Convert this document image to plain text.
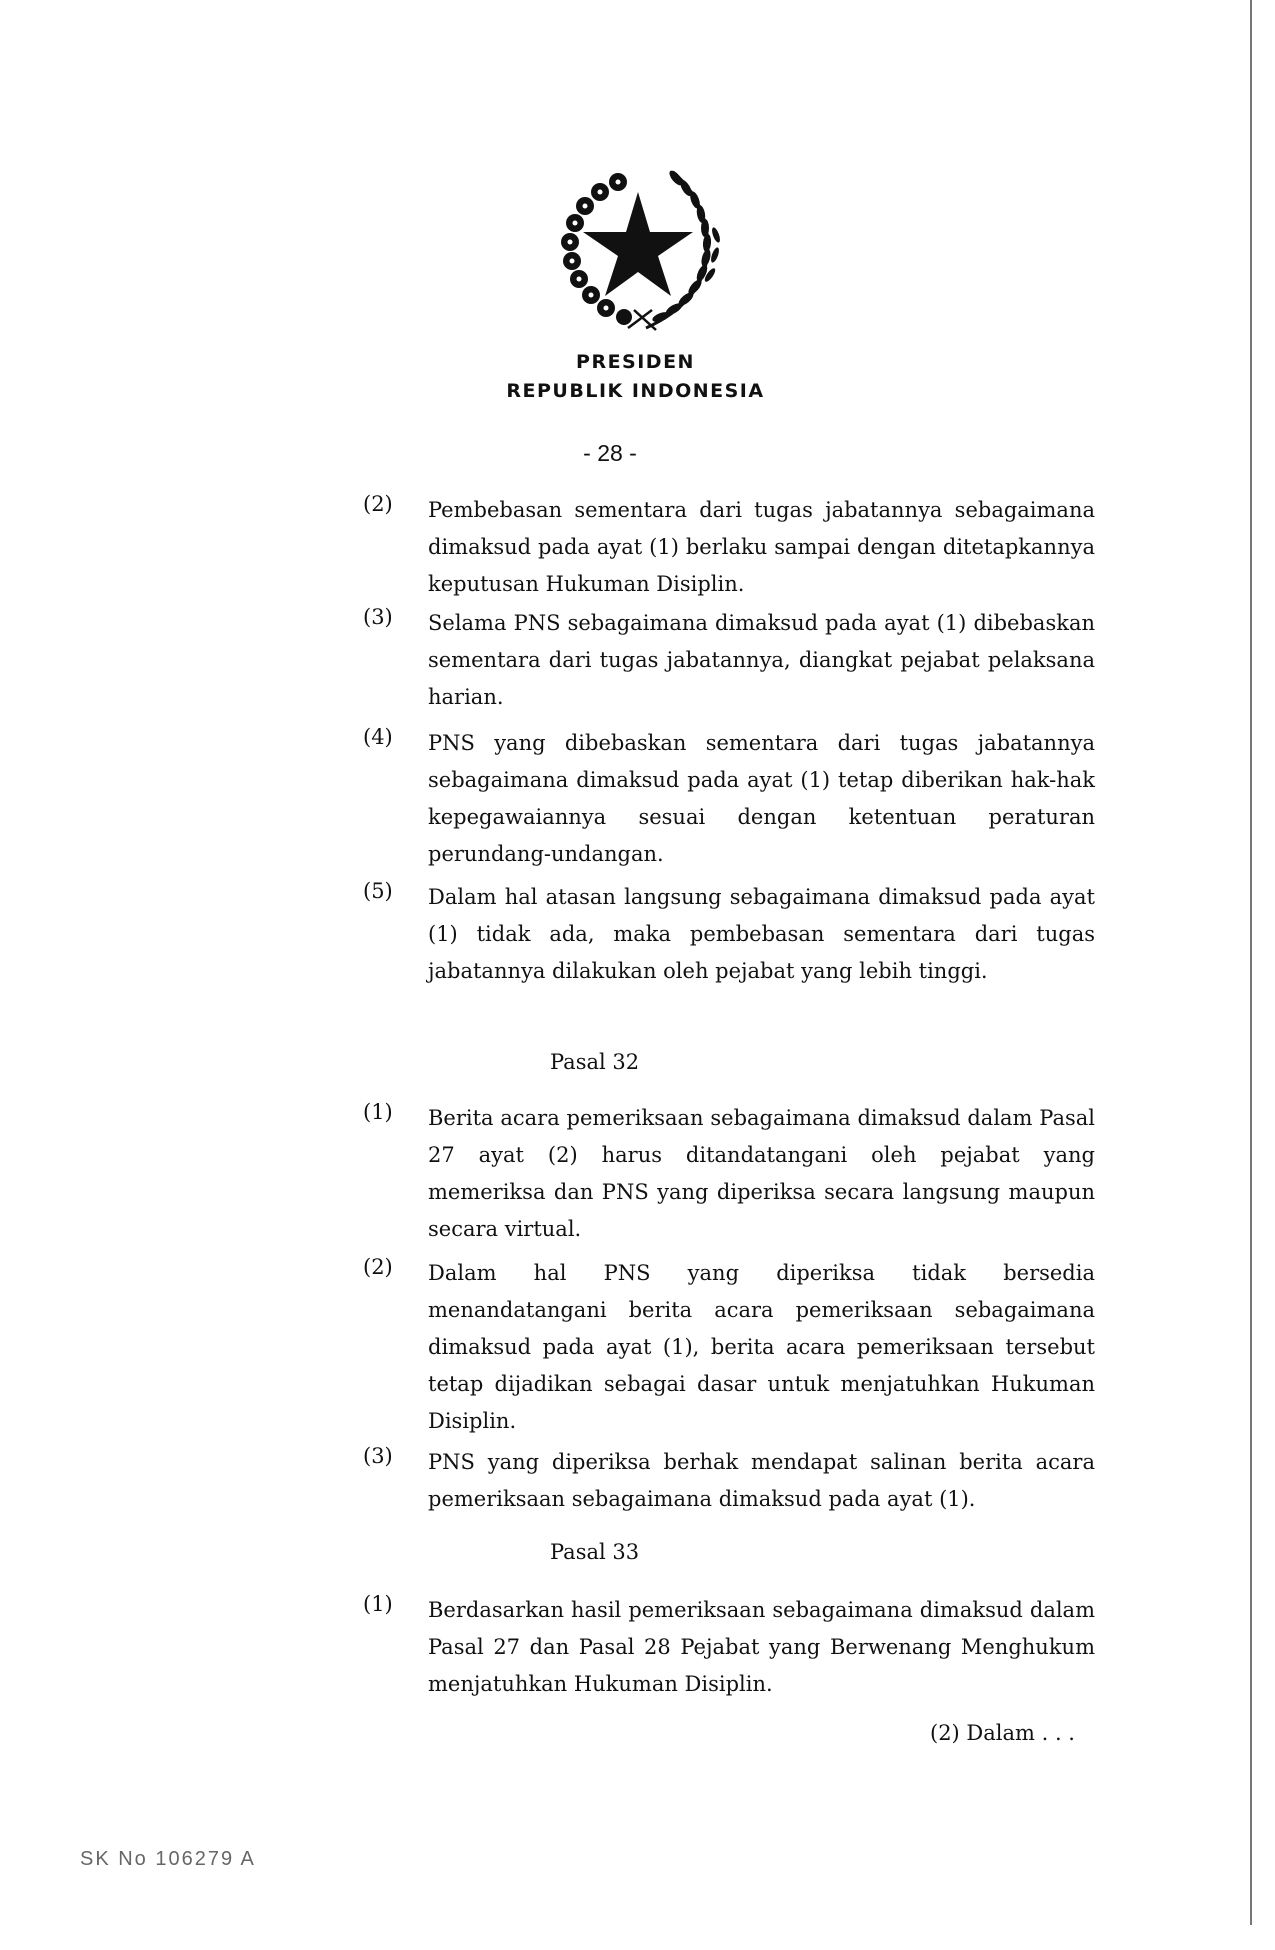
PRESIDEN
REPUBLIK INDONESIA
- 28 -
(2)	Pembebasan sementara dari tugas jabatannya sebagaimana dimaksud pada ayat (1) berlaku sampai dengan ditetapkannya keputusan Hukuman Disiplin.
(3)	Selama PNS sebagaimana dimaksud pada ayat (1) dibebaskan sementara dari tugas jabatannya, diangkat pejabat pelaksana harian.
(4)	PNS yang dibebaskan sementara dari tugas jabatannya sebagaimana dimaksud pada ayat (1) tetap diberikan hak-hak kepegawaiannya sesuai dengan ketentuan peraturan perundang-undangan.
(5)	Dalam hal atasan langsung sebagaimana dimaksud pada ayat (1) tidak ada, maka pembebasan sementara dari tugas jabatannya dilakukan oleh pejabat yang lebih tinggi.
Pasal 32
(1)	Berita acara pemeriksaan sebagaimana dimaksud dalam Pasal 27 ayat (2) harus ditandatangani oleh pejabat yang memeriksa dan PNS yang diperiksa secara langsung maupun secara virtual.
(2)	Dalam hal PNS yang diperiksa tidak bersedia menandatangani berita acara pemeriksaan sebagaimana dimaksud pada ayat (1), berita acara pemeriksaan tersebut tetap dijadikan sebagai dasar untuk menjatuhkan Hukuman Disiplin.
(3)	PNS yang diperiksa berhak mendapat salinan berita acara pemeriksaan sebagaimana dimaksud pada ayat (1).
Pasal 33
(1)	Berdasarkan hasil pemeriksaan sebagaimana dimaksud dalam Pasal 27 dan Pasal 28 Pejabat yang Berwenang Menghukum menjatuhkan Hukuman Disiplin.
(2) Dalam . . .
SK No 106279 A
